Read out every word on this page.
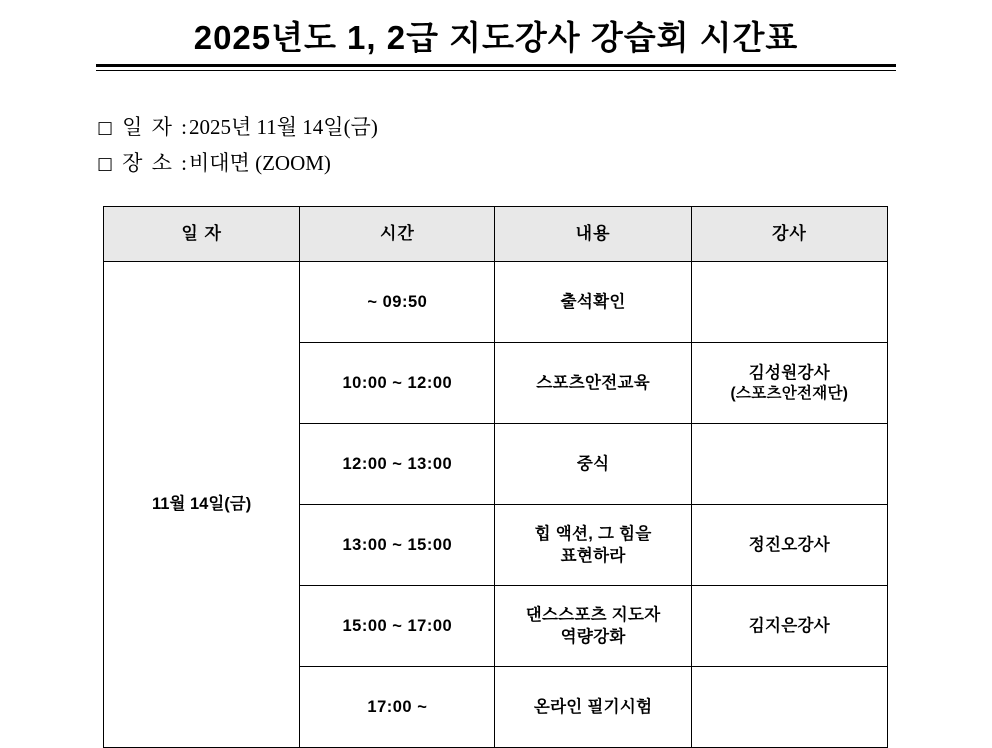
2025년도 1, 2급 지도강사 강습회 시간표
□ 일 자 : 2025년 11월 14일(금)
□ 장 소 : 비대면 (ZOOM)
일 자	시간	내용	강사
11월 14일(금)	~ 09:50	출석확인	

	10:00 ~ 12:00	스포츠안전교육	김성원강사
(스포츠안전재단)

	12:00 ~ 13:00	중식	

	13:00 ~ 15:00	힙 액션, 그 힘을
표현하라	정진오강사

	15:00 ~ 17:00	댄스스포츠 지도자
역량강화	김지은강사

	17:00 ~	온라인 필기시험	
